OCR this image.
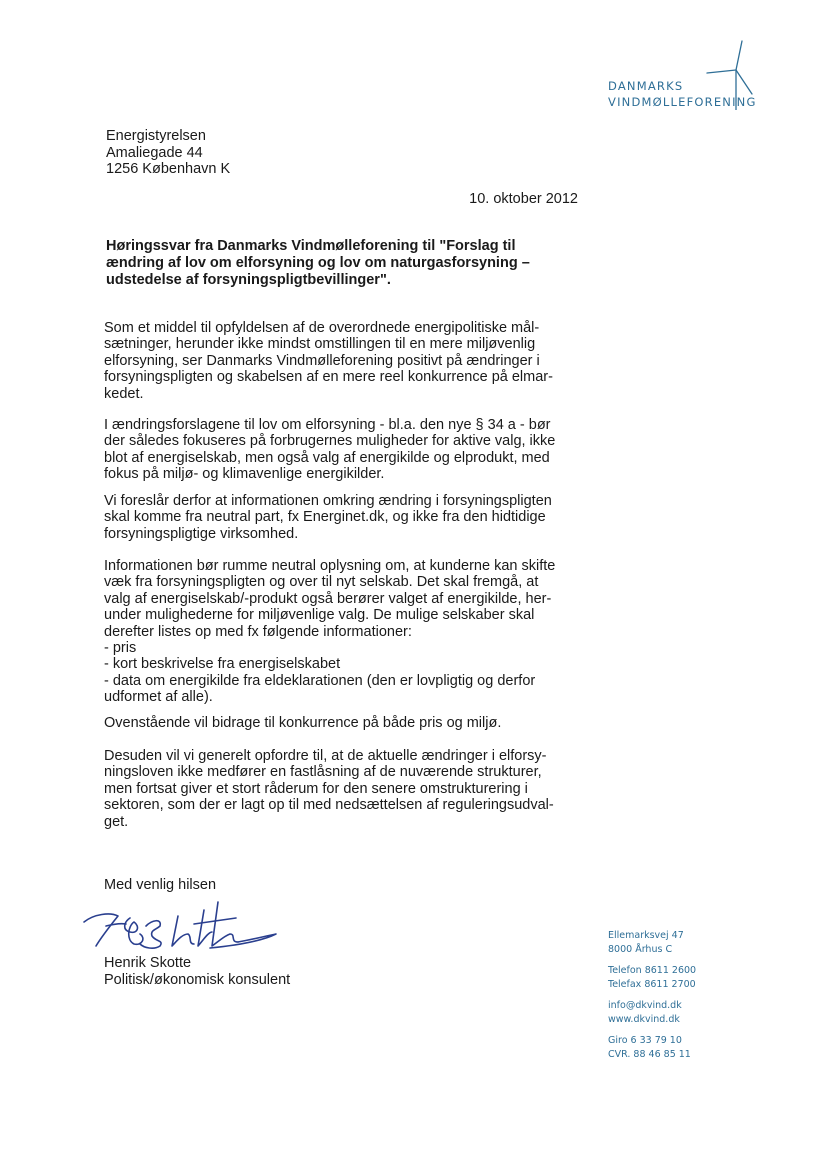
DANMARKS
VINDMØLLEFORENING
Energistyrelsen
Amaliegade 44
1256 København K
10. oktober 2012
Høringssvar fra Danmarks Vindmølleforening til "Forslag til
ændring af lov om elforsyning og lov om naturgasforsyning –
udstedelse af forsyningspligtbevillinger".
Som et middel til opfyldelsen af de overordnede energipolitiske mål-
sætninger, herunder ikke mindst omstillingen til en mere miljøvenlig
elforsyning, ser Danmarks Vindmølleforening positivt på ændringer i
forsyningspligten og skabelsen af en mere reel konkurrence på elmar-
kedet.
I ændringsforslagene til lov om elforsyning - bl.a. den nye § 34 a - bør
der således fokuseres på forbrugernes muligheder for aktive valg, ikke
blot af energiselskab, men også valg af energikilde og elprodukt, med
fokus på miljø- og klimavenlige energikilder.
Vi foreslår derfor at informationen omkring ændring i forsyningspligten
skal komme fra neutral part, fx Energinet.dk, og ikke fra den hidtidige
forsyningspligtige virksomhed.
Informationen bør rumme neutral oplysning om, at kunderne kan skifte
væk fra forsyningspligten og over til nyt selskab. Det skal fremgå, at
valg af energiselskab/-produkt også berører valget af energikilde, her-
under mulighederne for miljøvenlige valg. De mulige selskaber skal
derefter listes op med fx følgende informationer:
- pris
- kort beskrivelse fra energiselskabet
- data om energikilde fra eldeklarationen (den er lovpligtig og derfor
udformet af alle).
Ovenstående vil bidrage til konkurrence på både pris og miljø.
Desuden vil vi generelt opfordre til, at de aktuelle ændringer i elforsy-
ningsloven ikke medfører en fastlåsning af de nuværende strukturer,
men fortsat giver et stort råderum for den senere omstrukturering i
sektoren, som der er lagt op til med nedsættelsen af reguleringsudval-
get.
Med venlig hilsen
Henrik Skotte
Politisk/økonomisk konsulent
Ellemarksvej 47
8000 Århus C
Telefon 8611 2600
Telefax 8611 2700
info@dkvind.dk
www.dkvind.dk
Giro 6 33 79 10
CVR. 88 46 85 11
